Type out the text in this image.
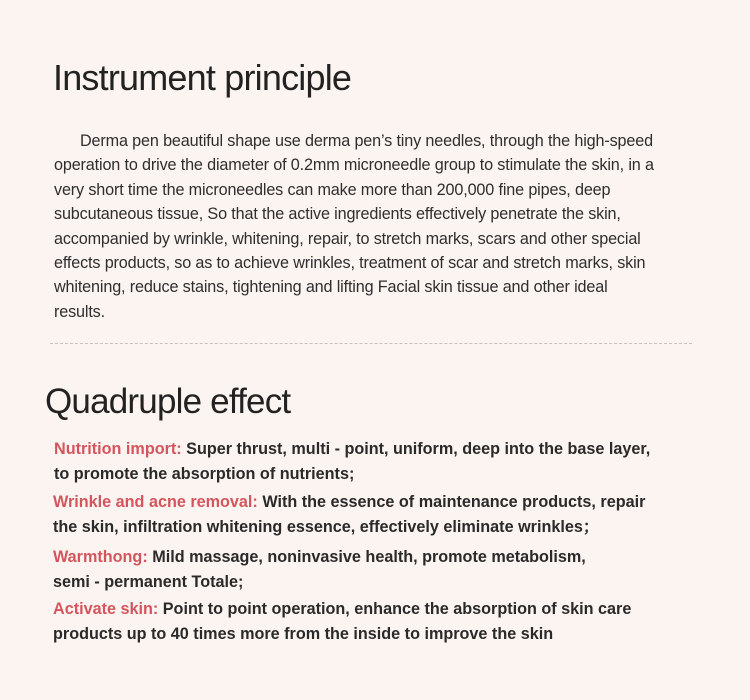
Instrument principle

Derma pen beautiful shape use derma pen’s tiny needles, through the high-speed
operation to drive the diameter of 0.2mm microneedle group to stimulate the skin, in a
very short time the microneedles can make more than 200,000 fine pipes, deep
subcutaneous tissue, So that the active ingredients effectively penetrate the skin,
accompanied by wrinkle, whitening, repair, to stretch marks, scars and other special
effects products, so as to achieve wrinkles, treatment of scar and stretch marks, skin
whitening, reduce stains, tightening and lifting Facial skin tissue and other ideal
results.

Quadruple effect
Nutrition import: Super thrust, multi - point, uniform, deep into the base layer,
to promote the absorption of nutrients;
Wrinkle and acne removal: With the essence of maintenance products, repair
the skin, infiltration whitening essence, effectively eliminate wrinkles；
Warmthong: Mild massage, noninvasive health, promote metabolism,
semi - permanent Totale;
Activate skin: Point to point operation, enhance the absorption of skin care
products up to 40 times more from the inside to improve the skin
